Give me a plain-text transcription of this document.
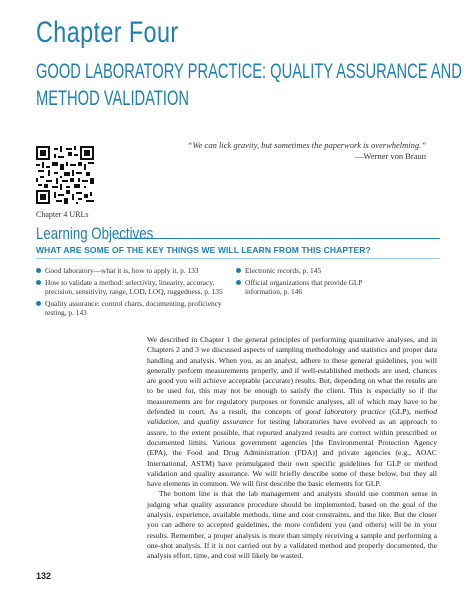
Chapter Four
GOOD LABORATORY PRACTICE: QUALITY ASSURANCE AND
METHOD VALIDATION
“We can lick gravity, but sometimes the paperwork is overwhelming.”
—Werner von Braun
Chapter 4 URLs
Learning Objectives
WHAT ARE SOME OF THE KEY THINGS WE WILL LEARN FROM THIS CHAPTER?
Good laboratory—what it is, how to apply it, p. 133
How to validate a method: selectivity, linearity, accuracy, precision, sensitivity, range, LOD, LOQ, ruggedness, p. 135
Quality assurance: control charts, documenting, proficiency testing, p. 143
Electronic records, p. 145
Official organizations that provide GLP information, p. 146

We described in Chapter 1 the general principles of performing quantitative analyses, and in Chapters 2 and 3 we discussed aspects of sampling methodology and statistics and proper data handling and analysis. When you, as an analyst, adhere to these general guidelines, you will generally perform measurements properly, and if well-established methods are used, chances are good you will achieve acceptable (accurate) results. But, depending on what the results are to be used for, this may not be enough to satisfy the client. This is especially so if the measurements are for regulatory purposes or forensic analyses, all of which may have to be defended in court. As a result, the concepts of good laboratory practice (GLP), method validation, and quality assurance for testing laboratories have evolved as an approach to assure, to the extent possible, that reported analyzed results are correct within prescribed or documented limits. Various government agencies [the Environmental Protection Agency (EPA), the Food and Drug Administration (FDA)] and private agencies (e.g., AOAC International, ASTM) have promulgated their own specific guidelines for GLP or method validation and quality assurance. We will briefly describe some of these below, but they all have elements in common. We will first describe the basic elements for GLP.

The bottom line is that the lab management and analysts should use common sense in judging what quality assurance procedure should be implemented, based on the goal of the analysis, experience, available methods, time and cost constraints, and the like. But the closer you can adhere to accepted guidelines, the more confident you (and others) will be in your results. Remember, a proper analysis is more than simply receiving a sample and performing a one-shot analysis. If it is not carried out by a validated method and properly documented, the analysis effort, time, and cost will likely be wasted.

132
